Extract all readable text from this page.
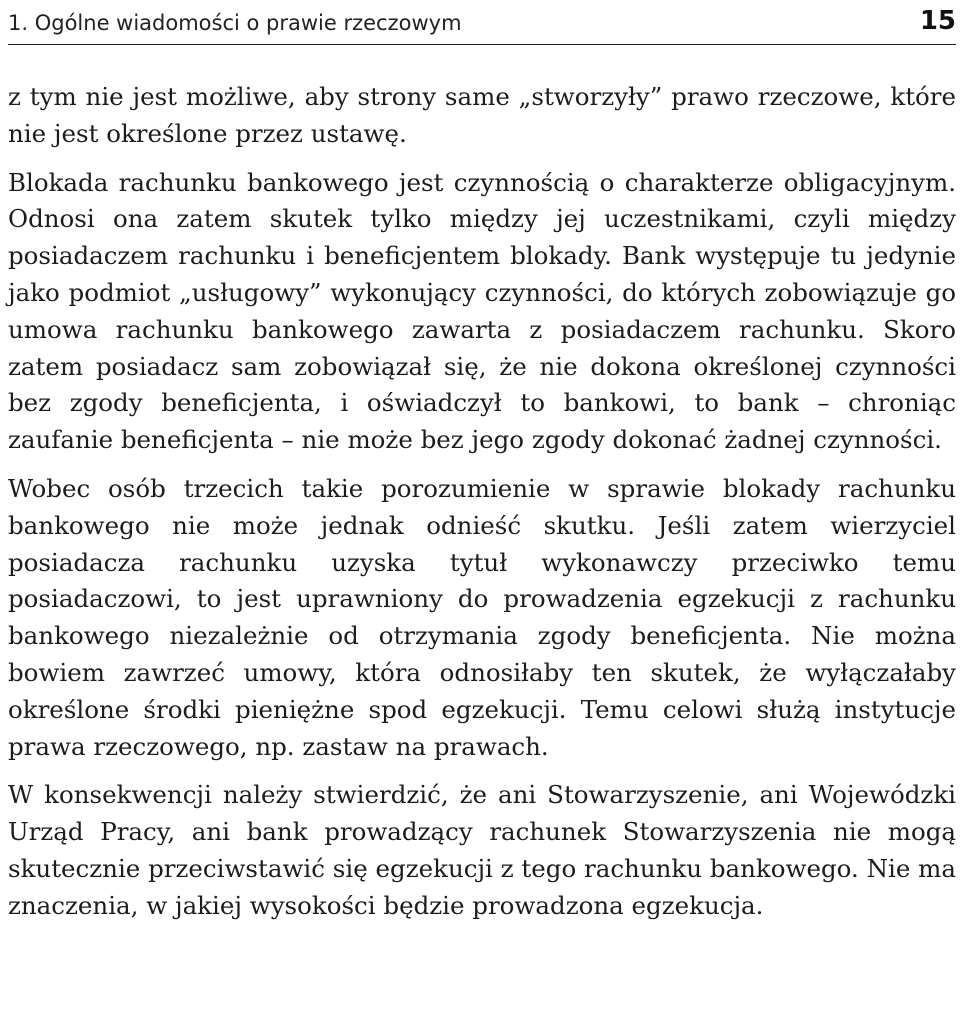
1. Ogólne wiadomości o prawie rzeczowym	15

z tym nie jest możliwe, aby strony same „stworzyły” prawo rzeczowe, które nie jest określone przez ustawę.

Blokada rachunku bankowego jest czynnością o charakterze obligacyjnym. Odnosi ona zatem skutek tylko między jej uczestnikami, czyli między posiadaczem rachunku i beneficjentem blokady. Bank występuje tu jedynie jako podmiot „usługowy” wykonujący czynności, do których zobowiązuje go umowa rachunku bankowego zawarta z posiadaczem rachunku. Skoro zatem posiadacz sam zobowiązał się, że nie dokona określonej czynności bez zgody beneficjenta, i oświadczył to bankowi, to bank – chroniąc zaufanie beneficjenta – nie może bez jego zgody dokonać żadnej czynności.

Wobec osób trzecich takie porozumienie w sprawie blokady rachunku bankowego nie może jednak odnieść skutku. Jeśli zatem wierzyciel posiadacza rachunku uzyska tytuł wykonawczy przeciwko temu posiadaczowi, to jest uprawniony do prowadzenia egzekucji z rachunku bankowego niezależnie od otrzymania zgody beneficjenta. Nie można bowiem zawrzeć umowy, która odnosiłaby ten skutek, że wyłączałaby określone środki pieniężne spod egzekucji. Temu celowi służą instytucje prawa rzeczowego, np. zastaw na prawach.

W konsekwencji należy stwierdzić, że ani Stowarzyszenie, ani Wojewódzki Urząd Pracy, ani bank prowadzący rachunek Stowarzyszenia nie mogą skutecznie przeciwstawić się egzekucji z tego rachunku bankowego. Nie ma znaczenia, w jakiej wysokości będzie prowadzona egzekucja.
